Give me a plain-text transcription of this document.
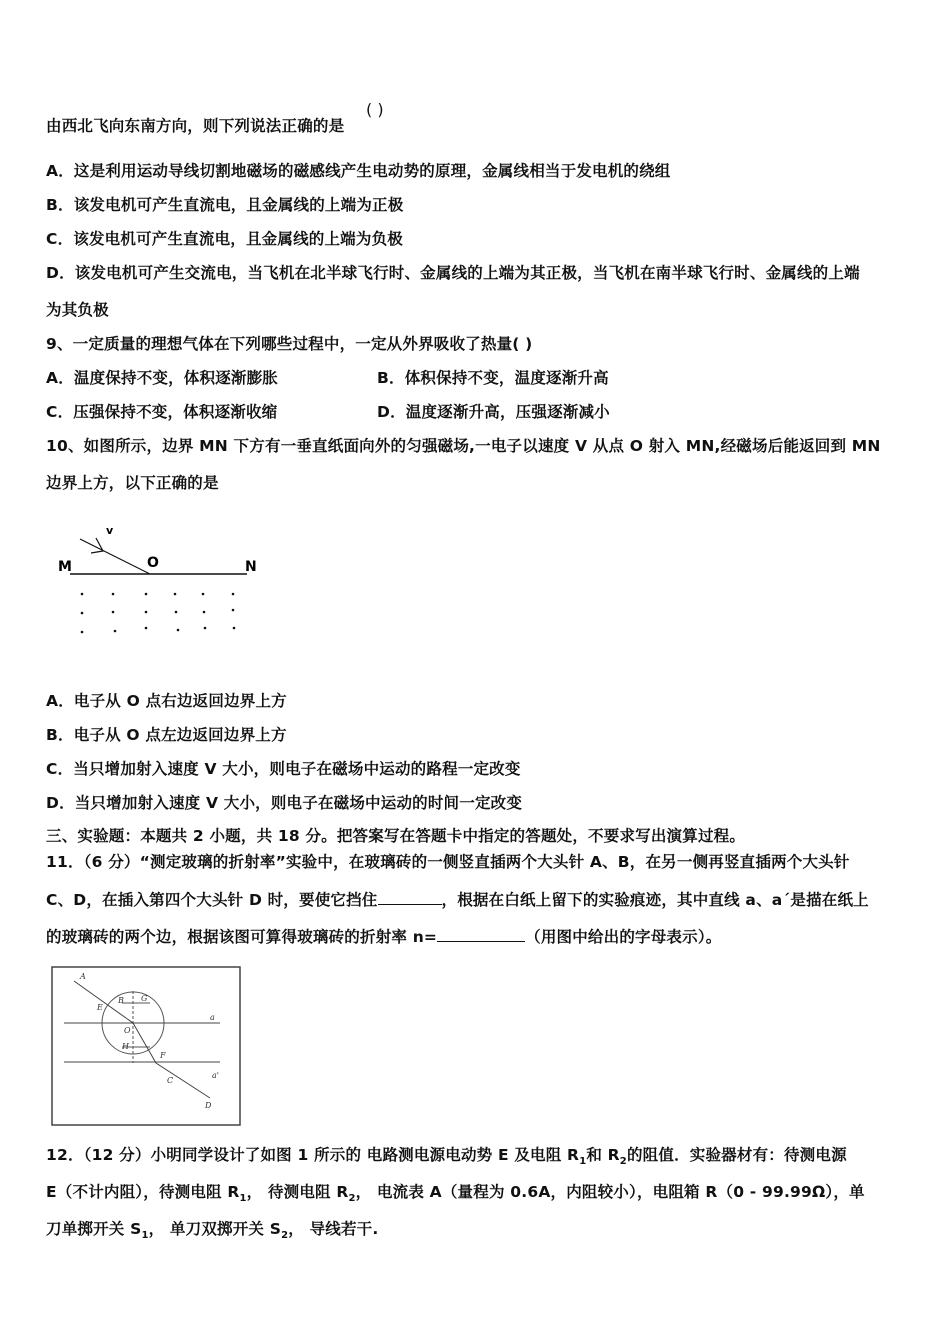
由西北飞向东南方向，则下列说法正确的是
( )
A．这是利用运动导线切割地磁场的磁感线产生电动势的原理，金属线相当于发电机的绕组
B．该发电机可产生直流电，且金属线的上端为正极
C．该发电机可产生直流电，且金属线的上端为负极
D．该发电机可产生交流电，当飞机在北半球飞行时、金属线的上端为其正极，当飞机在南半球飞行时、金属线的上端
为其负极
9、一定质量的理想气体在下列哪些过程中，一定从外界吸收了热量( )
A．温度保持不变，体积逐渐膨胀	B．体积保持不变，温度逐渐升高
C．压强保持不变，体积逐渐收缩	D．温度逐渐升高，压强逐渐减小
10、如图所示，边界 MN 下方有一垂直纸面向外的匀强磁场,一电子以速度 V 从点 O 射入 MN,经磁场后能返回到 MN
边界上方，以下正确的是
v
M	O	N
A．电子从 O 点右边返回边界上方
B．电子从 O 点左边返回边界上方
C．当只增加射入速度 V 大小，则电子在磁场中运动的路程一定改变
D．当只增加射入速度 V 大小，则电子在磁场中运动的时间一定改变
三、实验题：本题共 2 小题，共 18 分。把答案写在答题卡中指定的答题处，不要求写出演算过程。
11．（6 分）“测定玻璃的折射率”实验中，在玻璃砖的一侧竖直插两个大头针 A、B，在另一侧再竖直插两个大头针
C、D，在插入第四个大头针 D 时，要使它挡住	，根据在白纸上留下的实验痕迹，其中直线 a、a´是描在纸上
的玻璃砖的两个边，根据该图可算得玻璃砖的折射率 n=	（用图中给出的字母表示）。
A
B G
E
O
H
F
C
D
a
a'
12．（12 分）小明同学设计了如图 1 所示的 电路测电源电动势 E 及电阻 $R_1$和 $R_2$的阻值．实验器材有：待测电源
E（不计内阻），待测电阻 $R_1$， 待测电阻 $R_2$， 电流表 A（量程为 0.6A，内阻较小），电阻箱 R（0 - 99.99Ω），单
刀单掷开关 $S_1$， 单刀双掷开关 $S_2$， 导线若干.
